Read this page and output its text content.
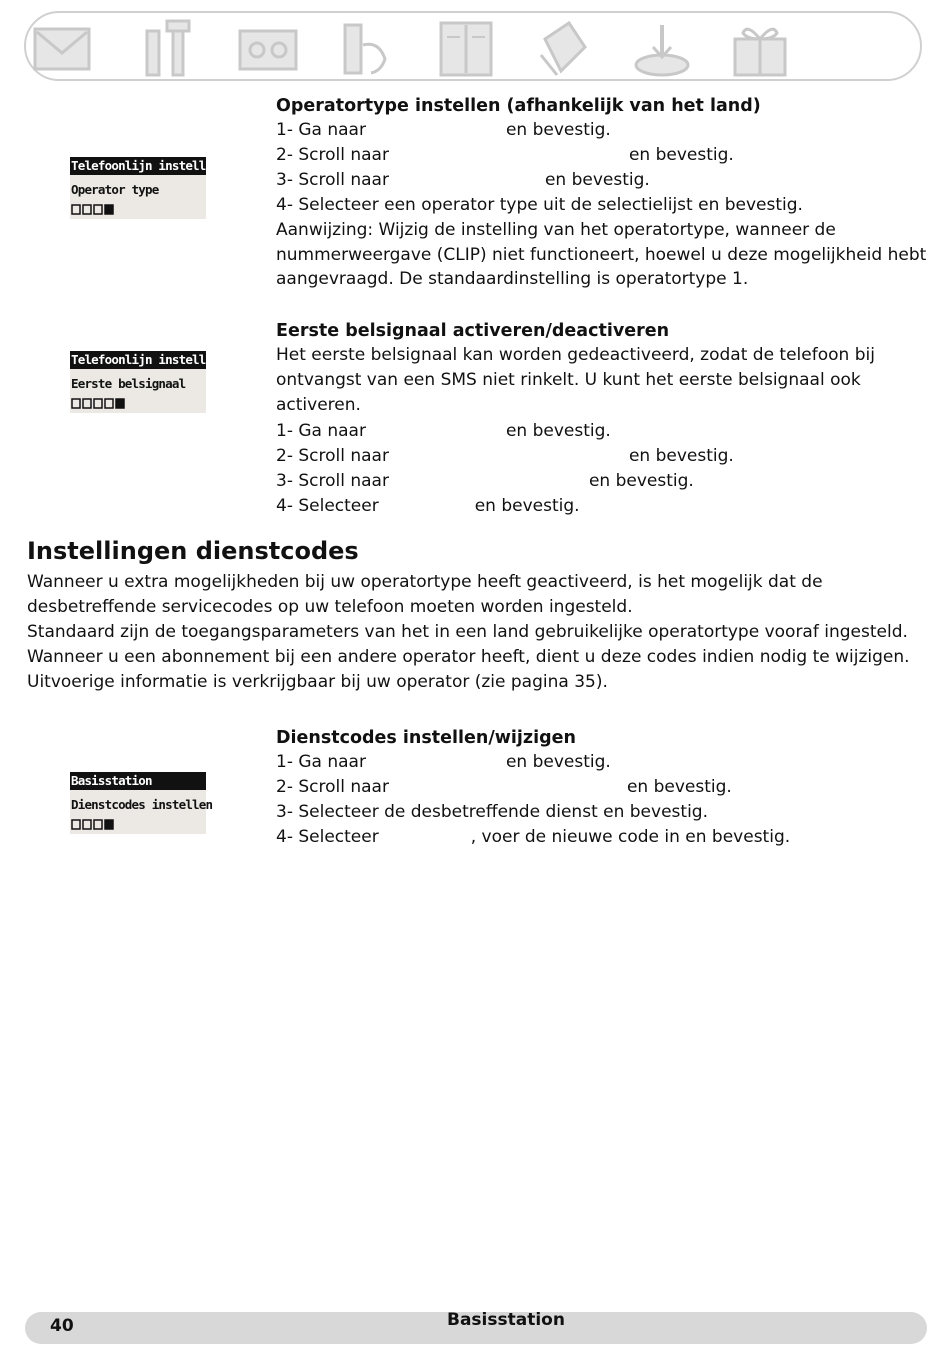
Operatortype instellen (afhankelijk van het land)

1- Ga naar	en bevestig.

2- Scroll naar	en bevestig.

3- Scroll naar	en bevestig.

4- Selecteer een operator type uit de selectielijst en bevestig.

Aanwijzing: Wijzig de instelling van het operatortype, wanneer de nummerweergave (CLIP) niet functioneert, hoewel u deze mogelijkheid hebt aangevraagd. De standaardinstelling is operatortype 1.

Telefoonlijn instellen
Operator type

Eerste belsignaal activeren/deactiveren

Het eerste belsignaal kan worden gedeactiveerd, zodat de telefoon bij ontvangst van een SMS niet rinkelt. U kunt het eerste belsignaal ook activeren.

1- Ga naar	en bevestig.

2- Scroll naar	en bevestig.

3- Scroll naar	en bevestig.

4- Selecteer	en bevestig.

Telefoonlijn instellen
Eerste belsignaal

Instellingen dienstcodes

Wanneer u extra mogelijkheden bij uw operatortype heeft geactiveerd, is het mogelijk dat de desbetreffende servicecodes op uw telefoon moeten worden ingesteld.
Standaard zijn de toegangsparameters van het in een land gebruikelijke operatortype vooraf ingesteld. Wanneer u een abonnement bij een andere operator heeft, dient u deze codes indien nodig te wijzigen. Uitvoerige informatie is verkrijgbaar bij uw operator (zie pagina 35).

Dienstcodes instellen/wijzigen

1- Ga naar	en bevestig.

2- Scroll naar	en bevestig.

3- Selecteer de desbetreffende dienst en bevestig.

4- Selecteer	, voer de nieuwe code in en bevestig.

Basisstation
Dienstcodes instellen
40	Basisstation
